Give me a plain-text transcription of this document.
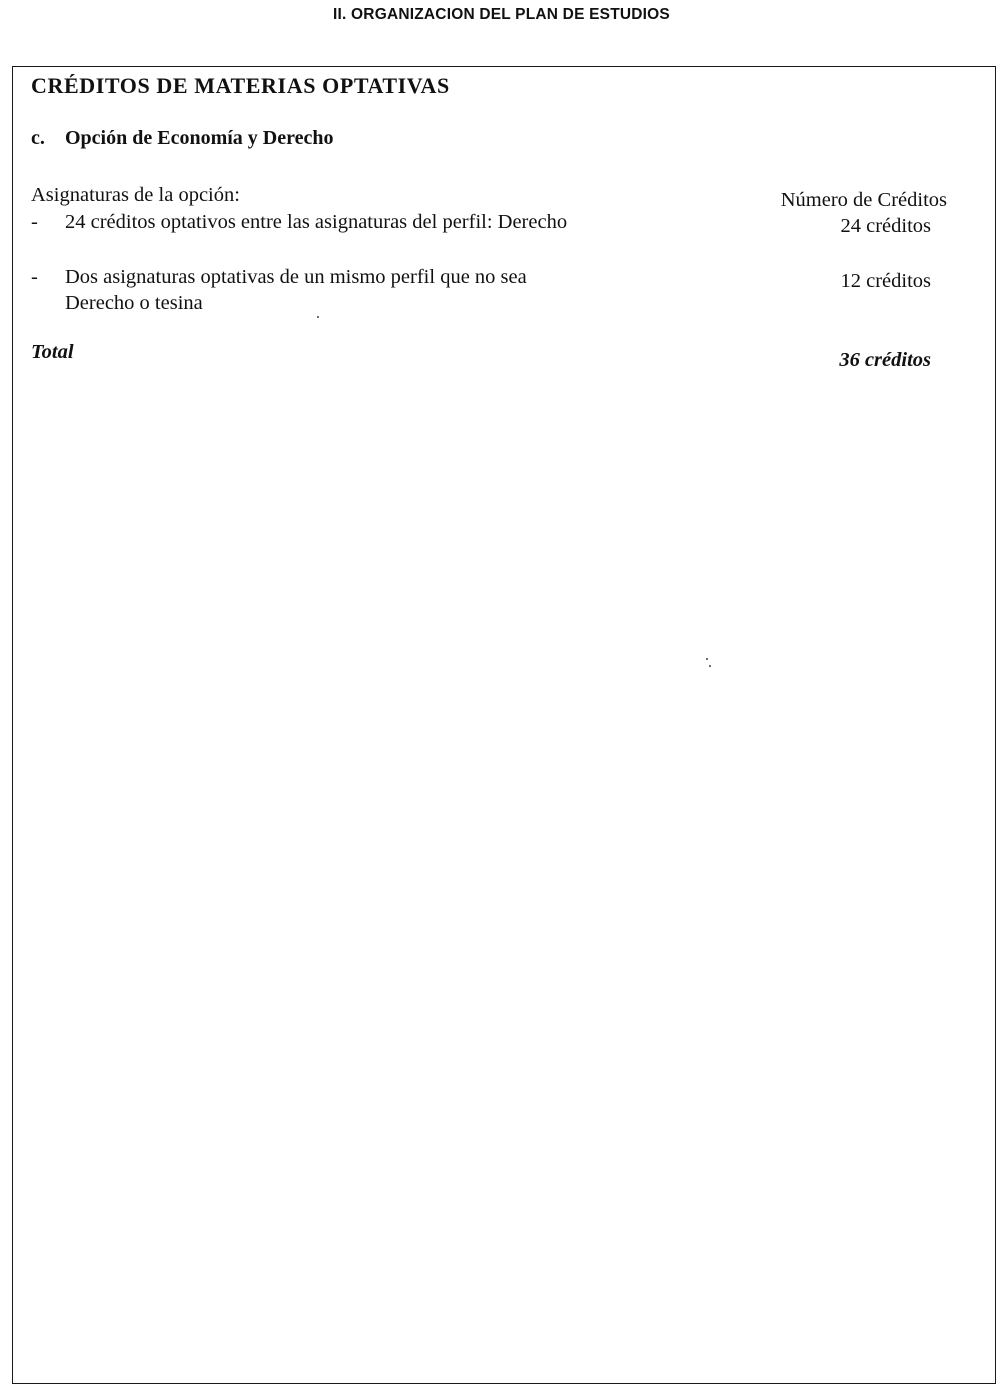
II. ORGANIZACION DEL PLAN DE ESTUDIOS
CRÉDITOS DE MATERIAS OPTATIVAS
c. Opción de Economía y Derecho
Asignaturas de la opción:	Número de Créditos
- 24 créditos optativos entre las asignaturas del perfil: Derecho	24 créditos
- Dos asignaturas optativas de un mismo perfil que no sea Derecho o tesina
12 créditos
Total	36 créditos
